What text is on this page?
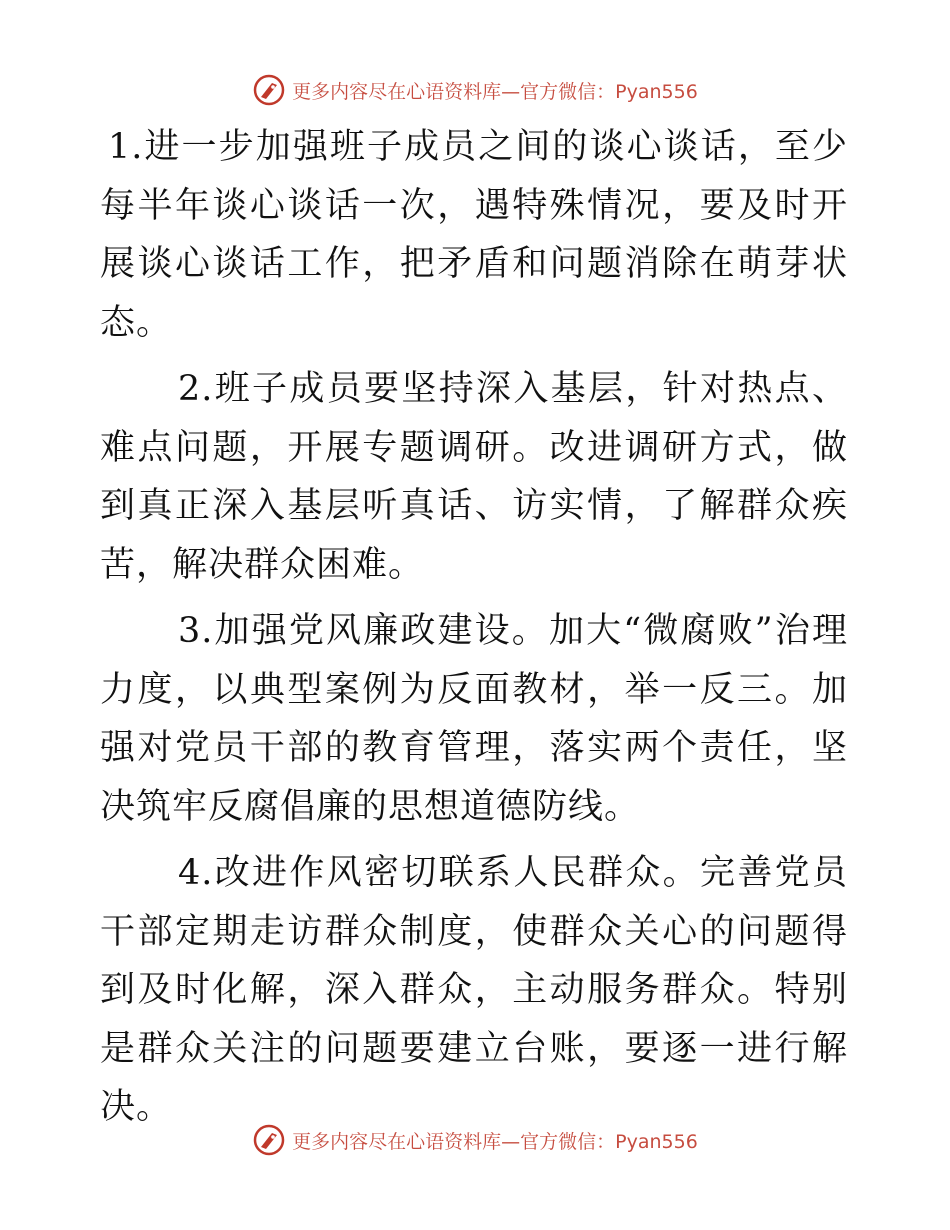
更多内容尽在心语资料库—官方微信：Pyan556

1.进一步加强班子成员之间的谈心谈话，至少每半年谈心谈话一次，遇特殊情况，要及时开展谈心谈话工作，把矛盾和问题消除在萌芽状态。

2.班子成员要坚持深入基层，针对热点、难点问题，开展专题调研。改进调研方式，做到真正深入基层听真话、访实情，了解群众疾苦，解决群众困难。

3.加强党风廉政建设。加大“微腐败”治理力度，以典型案例为反面教材，举一反三。加强对党员干部的教育管理，落实两个责任，坚决筑牢反腐倡廉的思想道德防线。

4.改进作风密切联系人民群众。完善党员干部定期走访群众制度，使群众关心的问题得到及时化解，深入群众，主动服务群众。特别是群众关注的问题要建立台账，要逐一进行解决。

更多内容尽在心语资料库—官方微信：Pyan556
